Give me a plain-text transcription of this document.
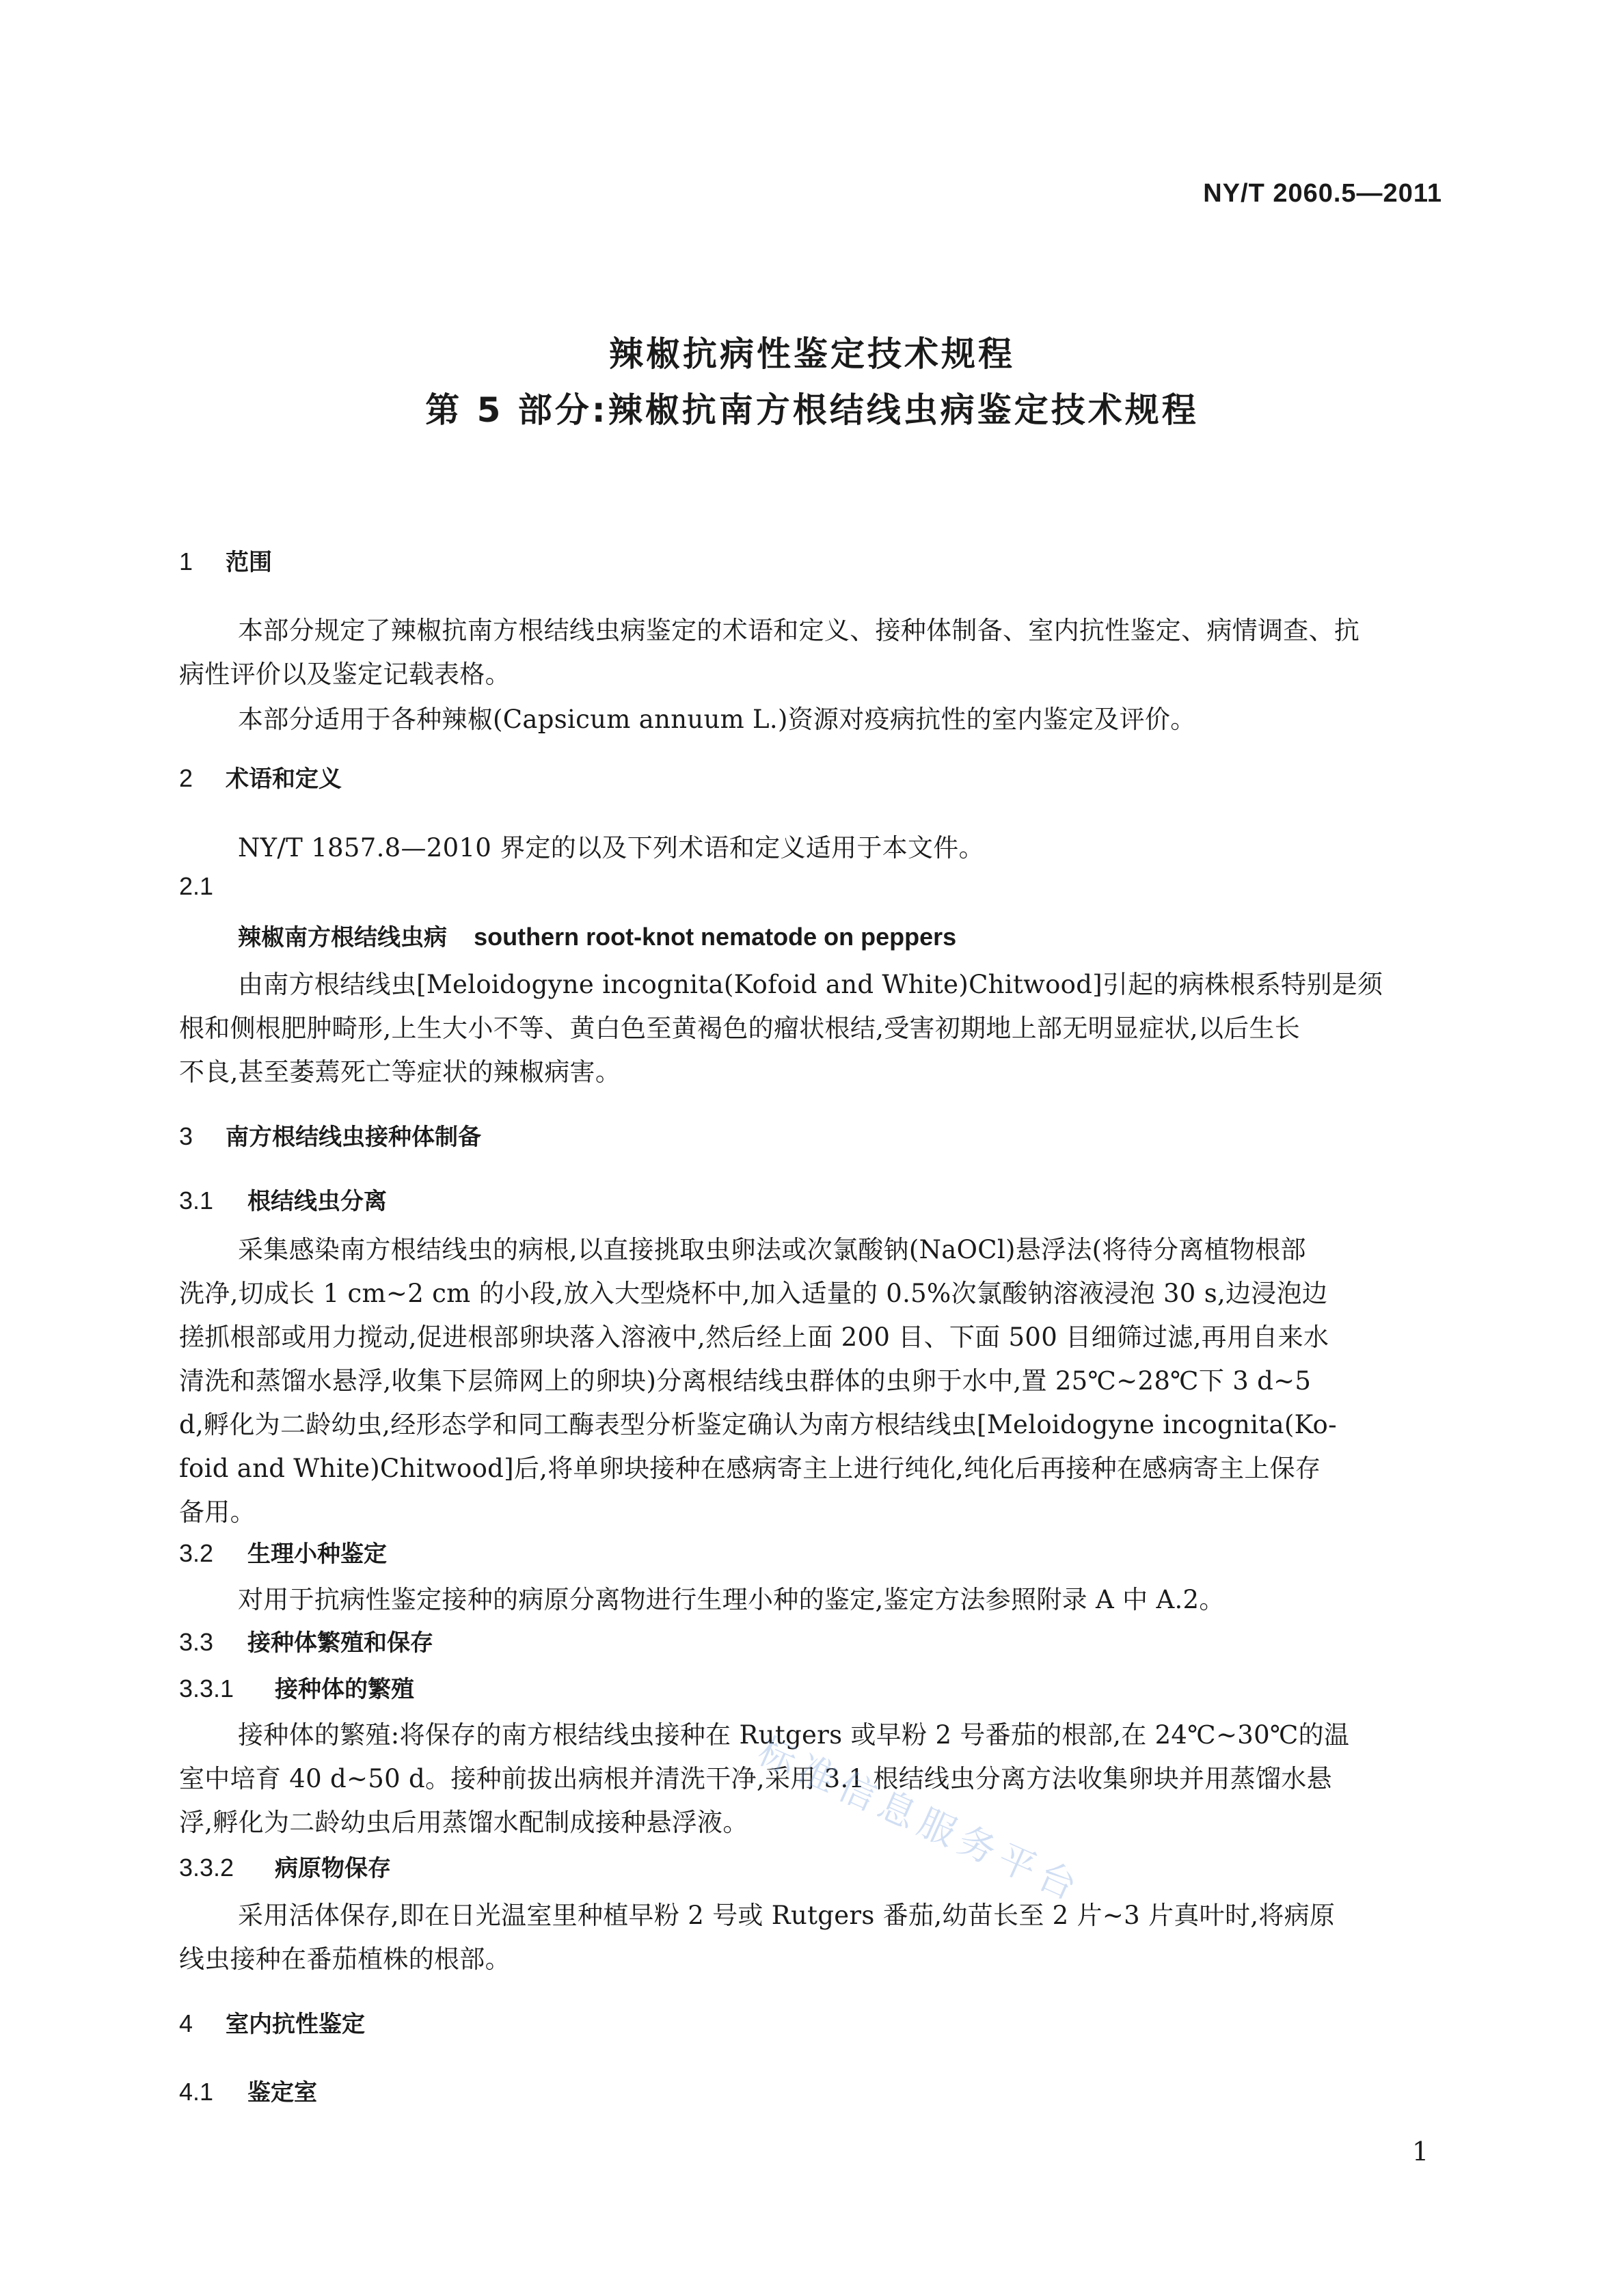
NY/T 2060.5—2011
辣椒抗病性鉴定技术规程
第 5 部分:辣椒抗南方根结线虫病鉴定技术规程
1 范围
本部分规定了辣椒抗南方根结线虫病鉴定的术语和定义、接种体制备、室内抗性鉴定、病情调查、抗
病性评价以及鉴定记载表格。
本部分适用于各种辣椒(Capsicum annuum L.)资源对疫病抗性的室内鉴定及评价。
2 术语和定义
NY/T 1857.8—2010 界定的以及下列术语和定义适用于本文件。
2.1
辣椒南方根结线虫病 southern root-knot nematode on peppers
由南方根结线虫[Meloidogyne incognita(Kofoid and White)Chitwood]引起的病株根系特别是须
根和侧根肥肿畸形,上生大小不等、黄白色至黄褐色的瘤状根结,受害初期地上部无明显症状,以后生长
不良,甚至萎蔫死亡等症状的辣椒病害。
3 南方根结线虫接种体制备
3.1 根结线虫分离
采集感染南方根结线虫的病根,以直接挑取虫卵法或次氯酸钠(NaOCl)悬浮法(将待分离植物根部
洗净,切成长 1 cm~2 cm 的小段,放入大型烧杯中,加入适量的 0.5%次氯酸钠溶液浸泡 30 s,边浸泡边
搓抓根部或用力搅动,促进根部卵块落入溶液中,然后经上面 200 目、下面 500 目细筛过滤,再用自来水
清洗和蒸馏水悬浮,收集下层筛网上的卵块)分离根结线虫群体的虫卵于水中,置 25℃~28℃下 3 d~5
d,孵化为二龄幼虫,经形态学和同工酶表型分析鉴定确认为南方根结线虫[Meloidogyne incognita(Ko-
foid and White)Chitwood]后,将单卵块接种在感病寄主上进行纯化,纯化后再接种在感病寄主上保存
备用。
3.2 生理小种鉴定
对用于抗病性鉴定接种的病原分离物进行生理小种的鉴定,鉴定方法参照附录 A 中 A.2。
3.3 接种体繁殖和保存
3.3.1 接种体的繁殖
接种体的繁殖:将保存的南方根结线虫接种在 Rutgers 或早粉 2 号番茄的根部,在 24℃~30℃的温
室中培育 40 d~50 d。接种前拔出病根并清洗干净,采用 3.1 根结线虫分离方法收集卵块并用蒸馏水悬
浮,孵化为二龄幼虫后用蒸馏水配制成接种悬浮液。
3.3.2 病原物保存
采用活体保存,即在日光温室里种植早粉 2 号或 Rutgers 番茄,幼苗长至 2 片~3 片真叶时,将病原
线虫接种在番茄植株的根部。
4 室内抗性鉴定
4.1 鉴定室
1
标准信息服务平台
